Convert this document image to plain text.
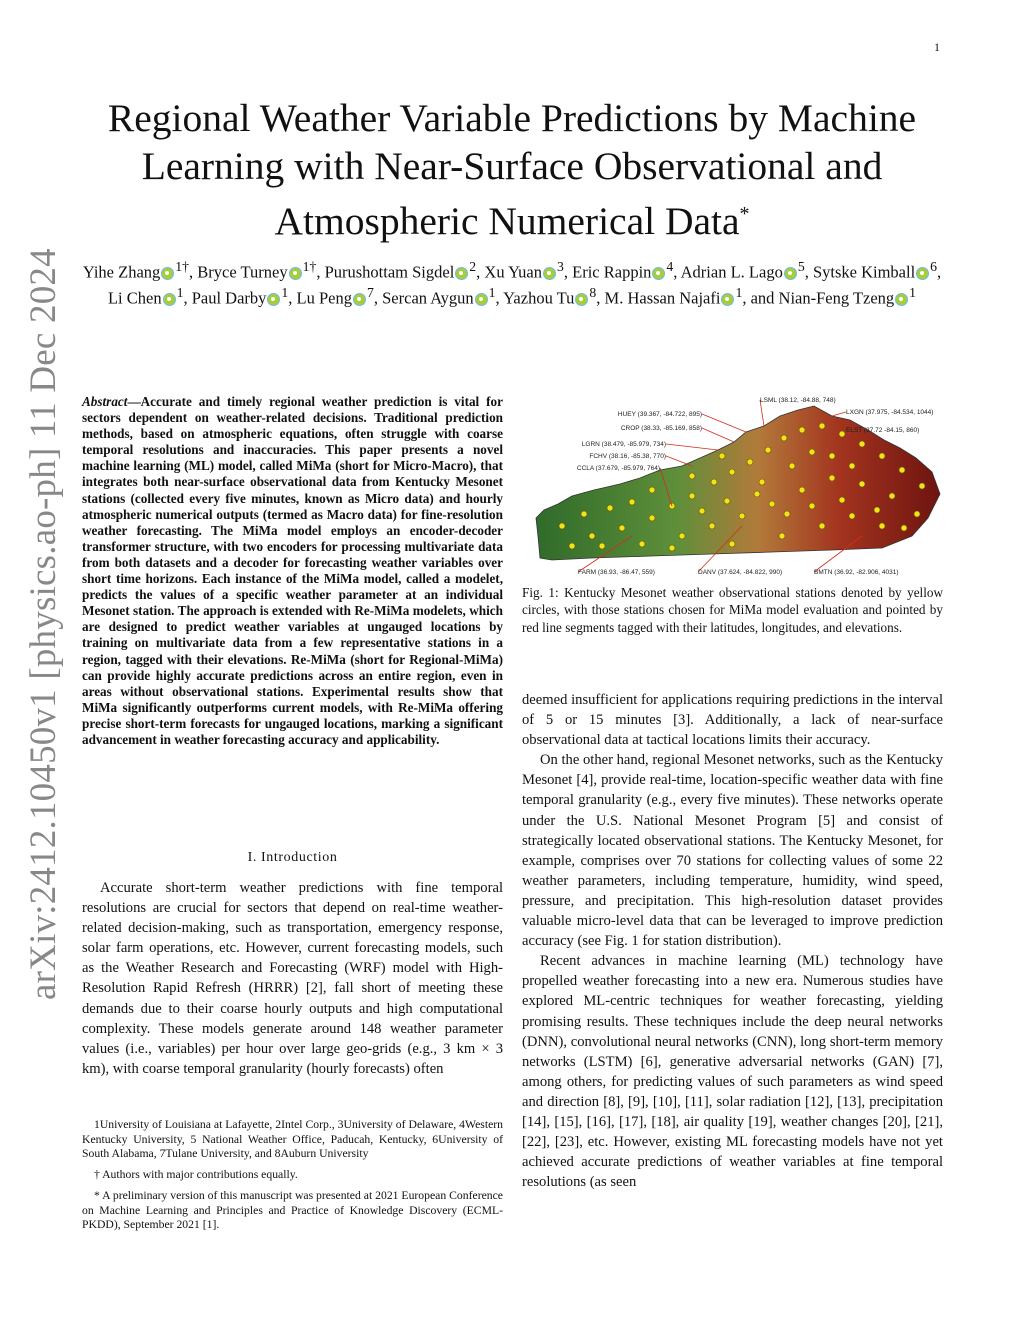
1
arXiv:2412.10450v1 [physics.ao-ph] 11 Dec 2024
Regional Weather Variable Predictions by Machine Learning with Near-Surface Observational and Atmospheric Numerical Data*
Yihe Zhang $^{1\dagger}$, Bryce Turney $^{1\dagger}$, Purushottam Sigdel $^2$, Xu Yuan $^3$, Eric Rappin $^4$, Adrian L. Lago $^5$, Sytske Kimball $^6$, Li Chen $^1$, Paul Darby $^1$, Lu Peng $^7$, Sercan Aygun $^1$, Yazhou Tu $^8$, M. Hassan Najafi $^1$, and Nian-Feng Tzeng $^1$
Abstract—Accurate and timely regional weather prediction is vital for sectors dependent on weather-related decisions. Traditional prediction methods, based on atmospheric equations, often struggle with coarse temporal resolutions and inaccuracies. This paper presents a novel machine learning (ML) model, called MiMa (short for Micro-Macro), that integrates both near-surface observational data from Kentucky Mesonet stations (collected every five minutes, known as Micro data) and hourly atmospheric numerical outputs (termed as Macro data) for fine-resolution weather forecasting. The MiMa model employs an encoder-decoder transformer structure, with two encoders for processing multivariate data from both datasets and a decoder for forecasting weather variables over short time horizons. Each instance of the MiMa model, called a modelet, predicts the values of a specific weather parameter at an individual Mesonet station. The approach is extended with Re-MiMa modelets, which are designed to predict weather variables at ungauged locations by training on multivariate data from a few representative stations in a region, tagged with their elevations. Re-MiMa (short for Regional-MiMa) can provide highly accurate predictions across an entire region, even in areas without observational stations. Experimental results show that MiMa significantly outperforms current models, with Re-MiMa offering precise short-term forecasts for ungauged locations, marking a significant advancement in weather forecasting accuracy and applicability.
I. Introduction

Accurate short-term weather predictions with fine temporal resolutions are crucial for sectors that depend on real-time weather-related decision-making, such as transportation, emergency response, solar farm operations, etc. However, current forecasting models, such as the Weather Research and Forecasting (WRF) model with High-Resolution Rapid Refresh (HRRR) [2], fall short of meeting these demands due to their coarse hourly outputs and high computational complexity. These models generate around 148 weather parameter values (i.e., variables) per hour over large geo-grids (e.g., 3 km × 3 km), with coarse temporal granularity (hourly forecasts) often

1University of Louisiana at Lafayette, 2Intel Corp., 3University of Delaware, 4Western Kentucky University, 5 National Weather Office, Paducah, Kentucky, 6University of South Alabama, 7Tulane University, and 8Auburn University

† Authors with major contributions equally.

* A preliminary version of this manuscript was presented at 2021 European Conference on Machine Learning and Principles and Practice of Knowledge Discovery (ECML-PKDD), September 2021 [1].

LSML (38.12, -84.88, 748)
HUEY (39.367, -84.722, 895)	LXGN (37.975, -84.534, 1044)
CROP (38.33, -85.169, 858)	ELST (37.72 -84.15, 860)
LGRN (38.479, -85.979, 734)
FCHV (38.16, -85.38, 770)
CCLA (37.679, -85.979, 764)
FARM (36.93, -86.47, 559)	DANV (37.624, -84.822, 990)	BMTN (36.92, -82.906, 4031)
Fig. 1: Kentucky Mesonet weather observational stations denoted by yellow circles, with those stations chosen for MiMa model evaluation and pointed by red line segments tagged with their latitudes, longitudes, and elevations.

deemed insufficient for applications requiring predictions in the interval of 5 or 15 minutes [3]. Additionally, a lack of near-surface observational data at tactical locations limits their accuracy.

On the other hand, regional Mesonet networks, such as the Kentucky Mesonet [4], provide real-time, location-specific weather data with fine temporal granularity (e.g., every five minutes). These networks operate under the U.S. National Mesonet Program [5] and consist of strategically located observational stations. The Kentucky Mesonet, for example, comprises over 70 stations for collecting values of some 22 weather parameters, including temperature, humidity, wind speed, pressure, and precipitation. This high-resolution dataset provides valuable micro-level data that can be leveraged to improve prediction accuracy (see Fig. 1 for station distribution).

Recent advances in machine learning (ML) technology have propelled weather forecasting into a new era. Numerous studies have explored ML-centric techniques for weather forecasting, yielding promising results. These techniques include the deep neural networks (DNN), convolutional neural networks (CNN), long short-term memory networks (LSTM) [6], generative adversarial networks (GAN) [7], among others, for predicting values of such parameters as wind speed and direction [8], [9], [10], [11], solar radiation [12], [13], precipitation [14], [15], [16], [17], [18], air quality [19], weather changes [20], [21], [22], [23], etc. However, existing ML forecasting models have not yet achieved accurate predictions of weather variables at fine temporal resolutions (as seen
